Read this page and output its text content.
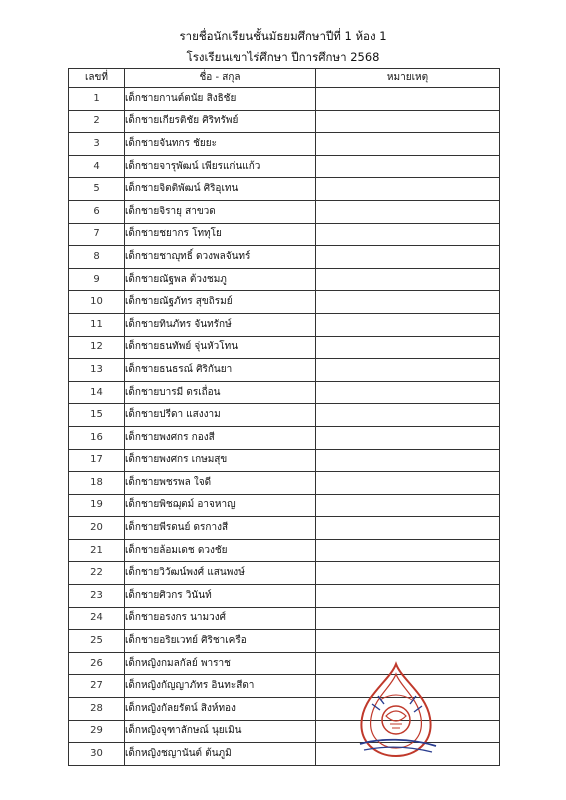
รายชื่อนักเรียนชั้นมัธยมศึกษาปีที่ 1 ห้อง 1
โรงเรียนเขาไร่ศึกษา ปีการศึกษา 2568
เลขที่	ชื่อ - สกุล	หมายเหตุ
1	เด็กชายกานต์ตนัย สิงธิชัย	
2	เด็กชายเกียรติชัย ศิริทรัพย์	
3	เด็กชายจันทกร ชัยยะ	
4	เด็กชายจารุพัฒน์ เพียรแก่นแก้ว	
5	เด็กชายจิตติพัฒน์ ศิริอุเทน	
6	เด็กชายจิรายุ สาขวด	
7	เด็กชายชยากร โททุโย	
8	เด็กชายชาญุทธิ์ ดวงพลจันทร์	
9	เด็กชายณัฐพล ต้วงชมภู	
10	เด็กชายณัฐภัทร สุขถิรมย์	
11	เด็กชายทินภัทร จันทรักษ์	
12	เด็กชายธนทัพย์ จุ่นหัวโทน	
13	เด็กชายธนธรณ์ ศิริกันยา	
14	เด็กชายบารมี ดรเถื่อน	
15	เด็กชายปรีดา แสงงาม	
16	เด็กชายพงศกร กองสี	
17	เด็กชายพงศกร เกษมสุข	
18	เด็กชายพชรพล ใจดี	
19	เด็กชายพิชฌุตม์ อาจหาญ	
20	เด็กชายพีรดนย์ ดรกางสี	
21	เด็กชายล้อมเดช ดวงชัย	
22	เด็กชายวิวัฒน์พงศ์ แสนพงษ์	
23	เด็กชายศิวกร วินันท์	
24	เด็กชายอรงกร นามวงศ์	
25	เด็กชายอริยเวทย์ ศิริชาเครือ	
26	เด็กหญิงกมลกัลย์ พาราช	
27	เด็กหญิงกัญญาภัทร อินทะสีดา	
28	เด็กหญิงกัลยรัตน์ สิงห์ทอง	
29	เด็กหญิงจุฑาลักษณ์ นุยเมิน	
30	เด็กหญิงชญานันต์ ต้นภูมิ	
